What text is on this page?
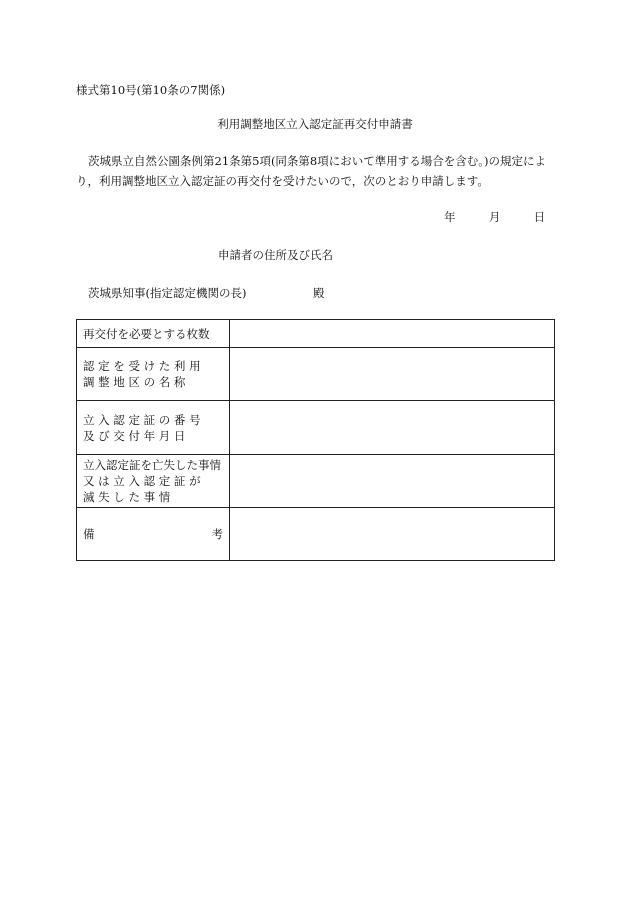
様式第10号(第10条の7関係)
利用調整地区立入認定証再交付申請書
茨城県立自然公園条例第21条第5項(同条第8項において準用する場合を含む。)の規定により，利用調整地区立入認定証の再交付を受けたいので，次のとおり申請します。
年	月	日
申請者の住所及び氏名
茨城県知事(指定認定機関の長)	殿
再交付を必要とする枚数	

認 定 を 受 け た 利 用
調 整 地 区 の 名 称	

立 入 認 定 証 の 番 号
及 び 交 付 年 月 日	

立入認定証を亡失した事情
又 は 立 入 認 定 証 が
滅 失 し た 事 情	

備 考	
